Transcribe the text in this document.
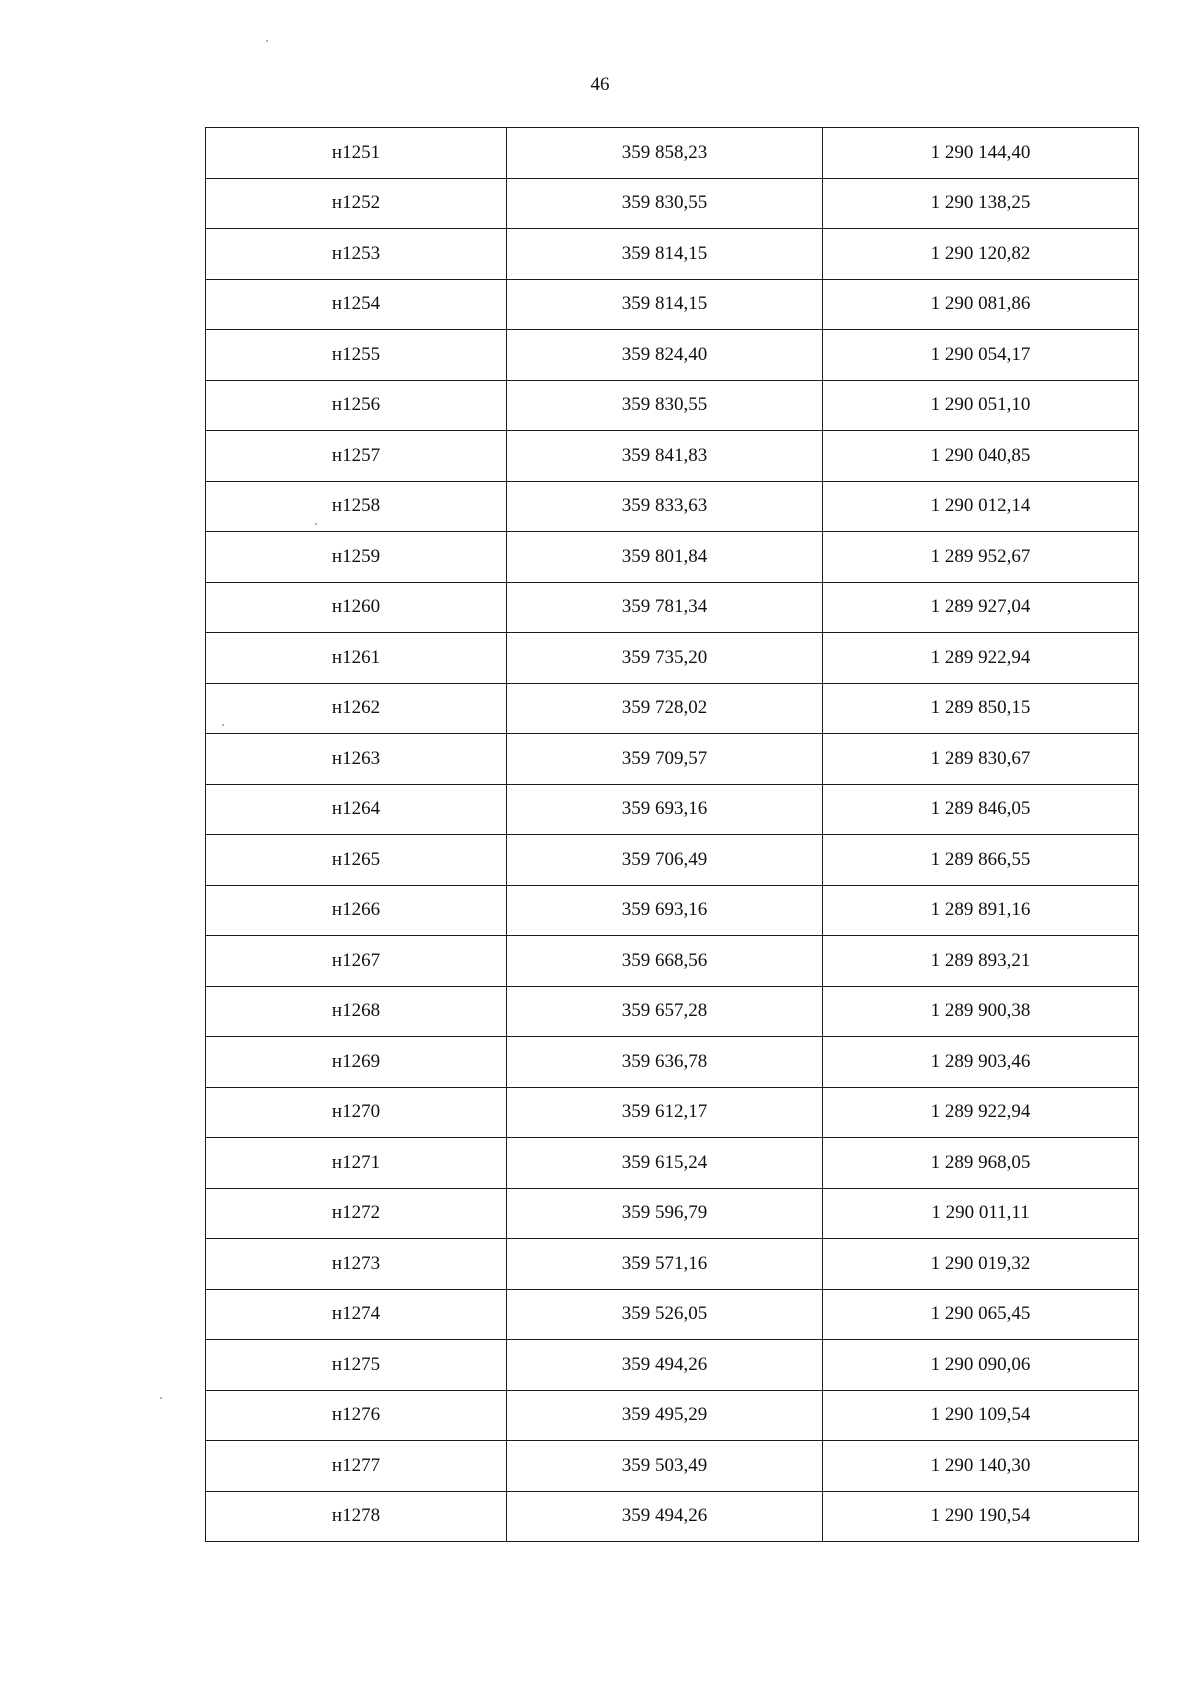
46
н1251	359 858,23	1 290 144,40
н1252	359 830,55	1 290 138,25
н1253	359 814,15	1 290 120,82
н1254	359 814,15	1 290 081,86
н1255	359 824,40	1 290 054,17
н1256	359 830,55	1 290 051,10
н1257	359 841,83	1 290 040,85
н1258	359 833,63	1 290 012,14
н1259	359 801,84	1 289 952,67
н1260	359 781,34	1 289 927,04
н1261	359 735,20	1 289 922,94
н1262	359 728,02	1 289 850,15
н1263	359 709,57	1 289 830,67
н1264	359 693,16	1 289 846,05
н1265	359 706,49	1 289 866,55
н1266	359 693,16	1 289 891,16
н1267	359 668,56	1 289 893,21
н1268	359 657,28	1 289 900,38
н1269	359 636,78	1 289 903,46
н1270	359 612,17	1 289 922,94
н1271	359 615,24	1 289 968,05
н1272	359 596,79	1 290 011,11
н1273	359 571,16	1 290 019,32
н1274	359 526,05	1 290 065,45
н1275	359 494,26	1 290 090,06
н1276	359 495,29	1 290 109,54
н1277	359 503,49	1 290 140,30
н1278	359 494,26	1 290 190,54
